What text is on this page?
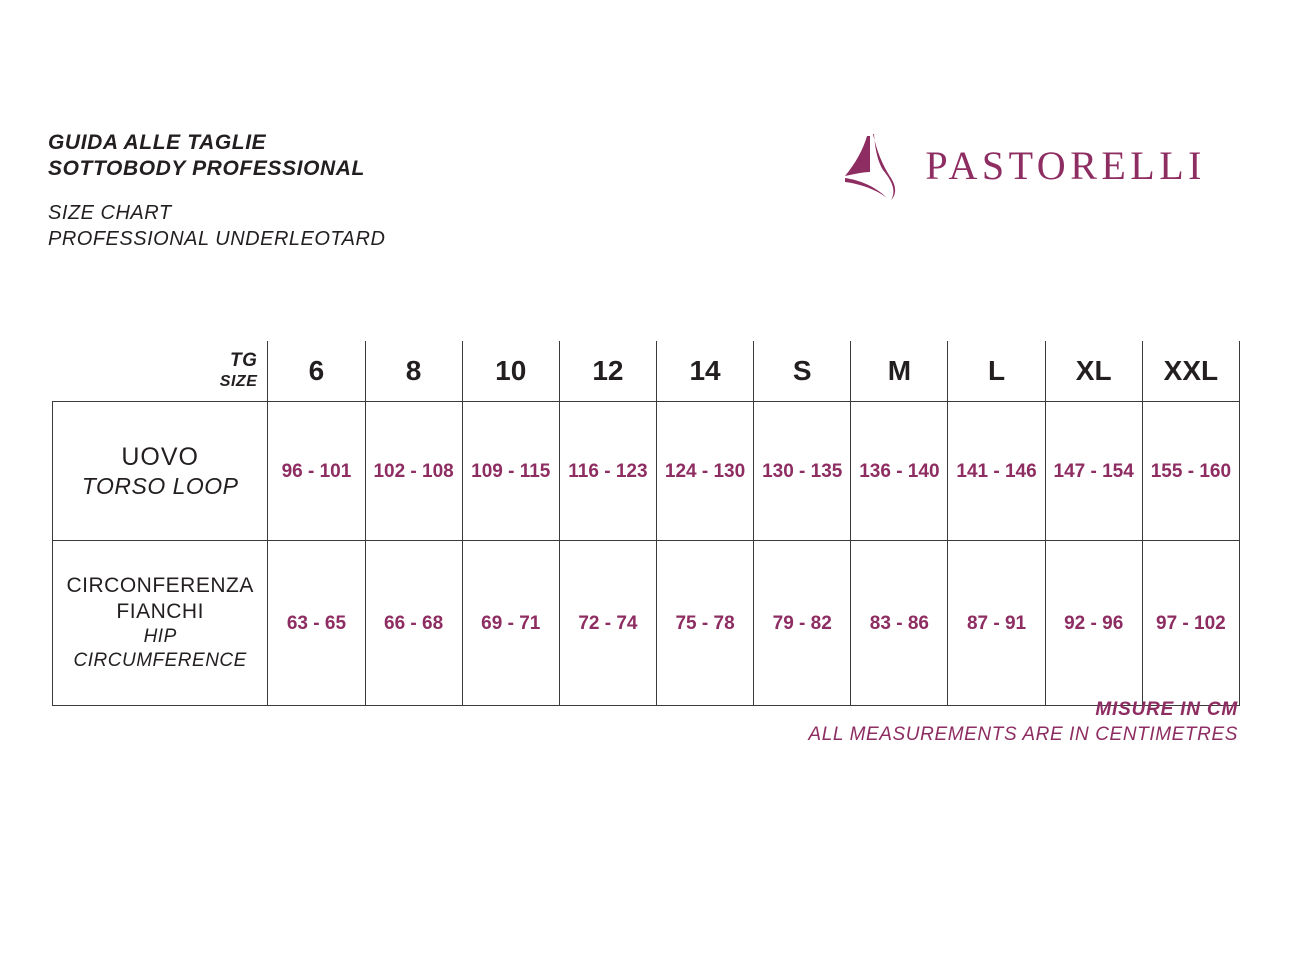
GUIDA ALLE TAGLIE
SOTTOBODY PROFESSIONAL
SIZE CHART
PROFESSIONAL UNDERLEOTARD
PASTORELLI
TG
SIZE	6	8	10	12	14	S	M	L	XL	XXL

UOVO
TORSO LOOP	96 - 101	102 - 108	109 - 115	116 - 123	124 - 130	130 - 135	136 - 140	141 - 146	147 - 154	155 - 160

CIRCONFERENZA FIANCHI
HIP CIRCUMFERENCE	63 - 65	66 - 68	69 - 71	72 - 74	75 - 78	79 - 82	83 - 86	87 - 91	92 - 96	97 - 102
MISURE IN CM
ALL MEASUREMENTS ARE IN CENTIMETRES
